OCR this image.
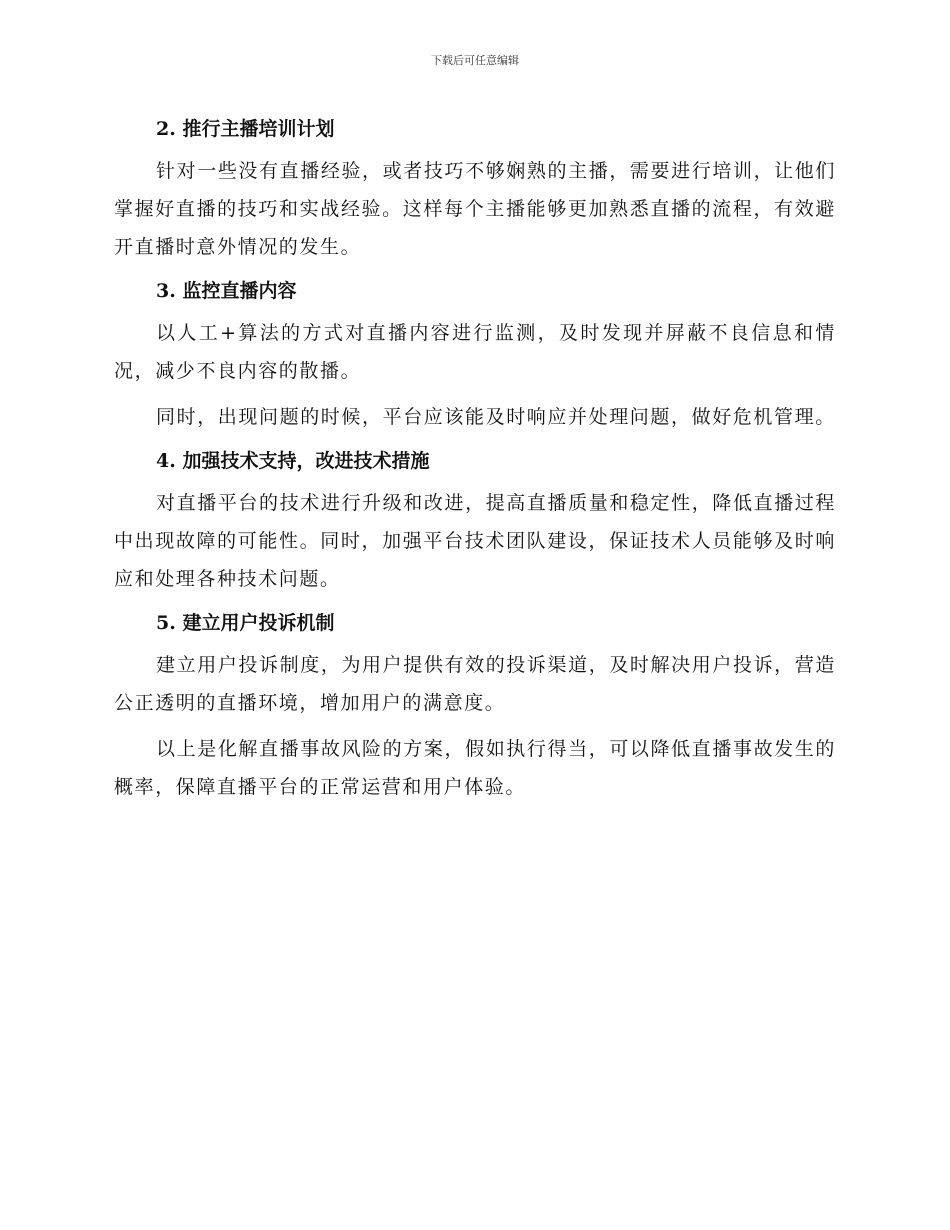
下载后可任意编辑
2. 推行主播培训计划

针对一些没有直播经验，或者技巧不够娴熟的主播，需要进行培训，让他们掌握好直播的技巧和实战经验。这样每个主播能够更加熟悉直播的流程，有效避开直播时意外情况的发生。

3. 监控直播内容

以人工+算法的方式对直播内容进行监测，及时发现并屏蔽不良信息和情况，减少不良内容的散播。

同时，出现问题的时候，平台应该能及时响应并处理问题，做好危机管理。

4. 加强技术支持，改进技术措施

对直播平台的技术进行升级和改进，提高直播质量和稳定性，降低直播过程中出现故障的可能性。同时，加强平台技术团队建设，保证技术人员能够及时响应和处理各种技术问题。

5. 建立用户投诉机制

建立用户投诉制度，为用户提供有效的投诉渠道，及时解决用户投诉，营造公正透明的直播环境，增加用户的满意度。

以上是化解直播事故风险的方案，假如执行得当，可以降低直播事故发生的概率，保障直播平台的正常运营和用户体验。
